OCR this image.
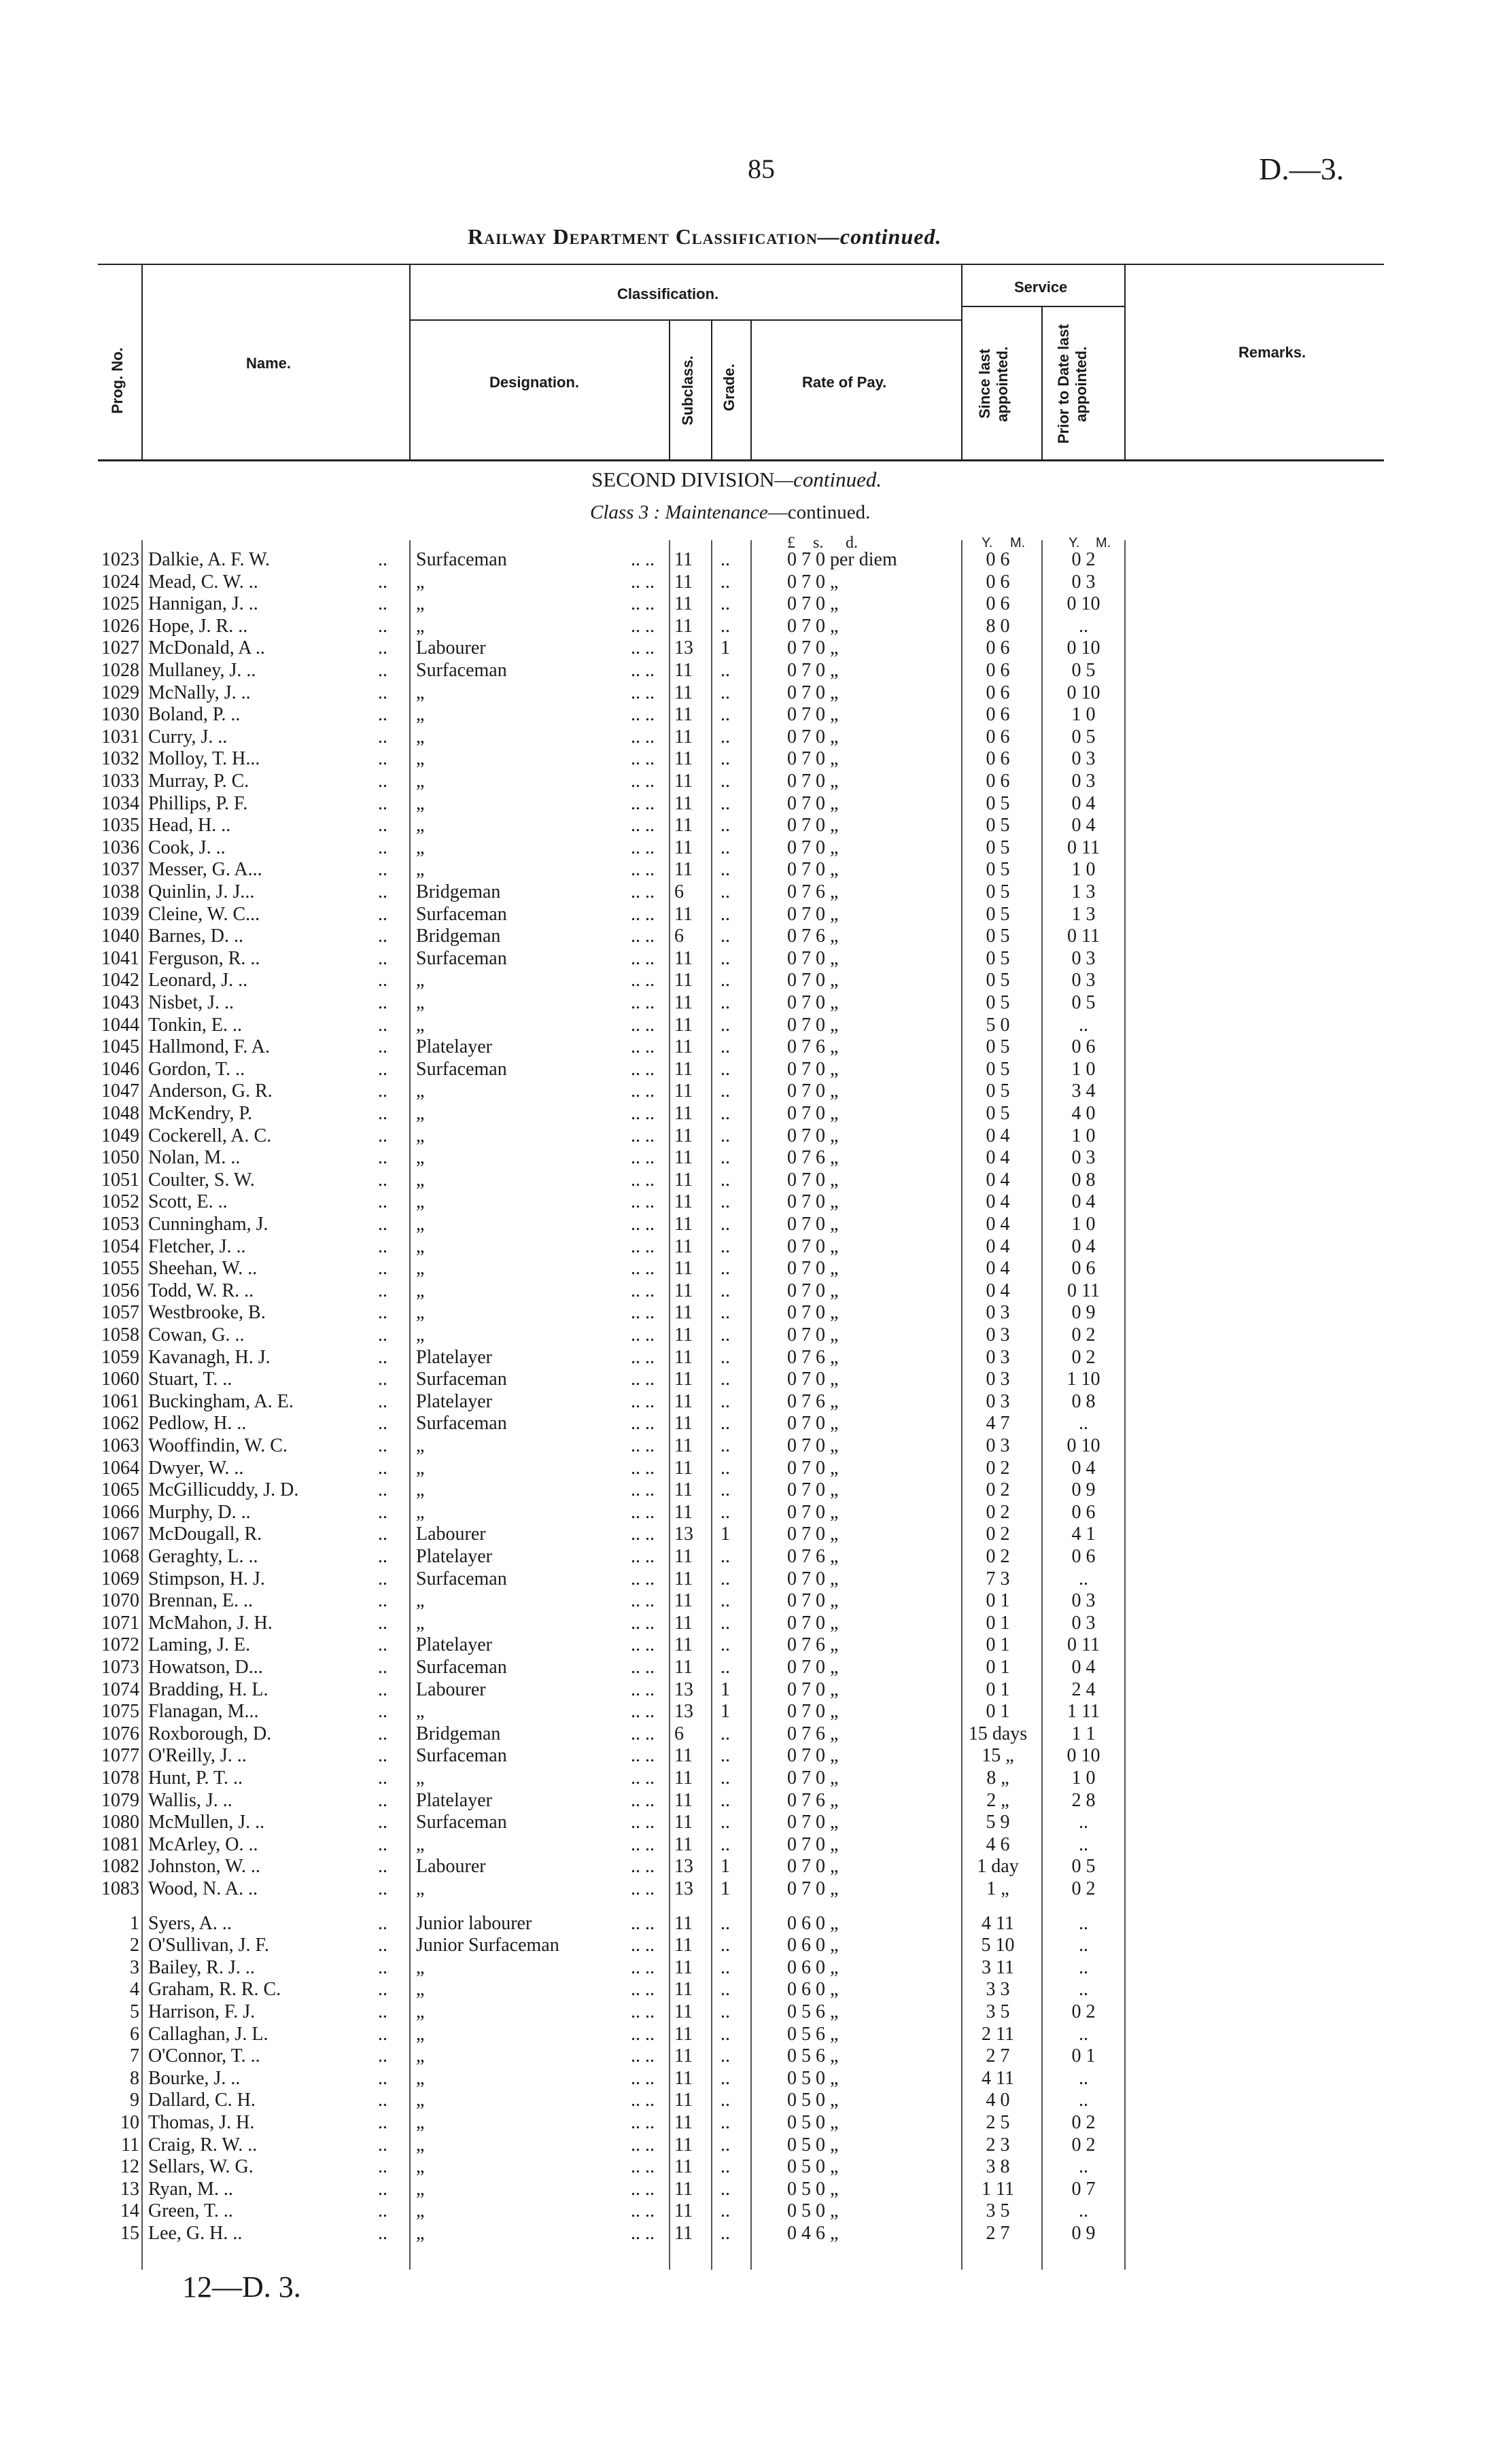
85	D.—3.
Railway Department Classification—continued.
Prog. No.	Name.
Classification.
Designation.	Subclass. Grade.	Rate of Pay.
Service
Since last appointed.	Prior to Date last appointed.	Remarks.
SECOND DIVISION—continued.
Class 3 : Maintenance—continued.
£ s. d.	Y. M.	Y. M.
1023 Dalkie, A. F. W.	.. Surfaceman	.. .. 11 ..	0 7 0 per diem	0 6	0 2
1024 Mead, C. W. ..	.. „	.. .. 11 ..	0 7 0 „	0 6	0 3
1025 Hannigan, J. ..	.. „	.. .. 11 ..	0 7 0 „	0 6	0 10
1026 Hope, J. R. ..	.. „	.. .. 11 ..	0 7 0 „	8 0	..
1027 McDonald, A ..	.. Labourer	.. .. 13 1	0 7 0 „	0 6	0 10
1028 Mullaney, J. ..	.. Surfaceman	.. .. 11 ..	0 7 0 „	0 6	0 5
1029 McNally, J. ..	.. „	.. .. 11 ..	0 7 0 „	0 6	0 10
1030 Boland, P. ..	.. „	.. .. 11 ..	0 7 0 „	0 6	1 0
1031 Curry, J. ..	.. „	.. .. 11 ..	0 7 0 „	0 6	0 5
1032 Molloy, T. H...	.. „	.. .. 11 ..	0 7 0 „	0 6	0 3
1033 Murray, P. C.	.. „	.. .. 11 ..	0 7 0 „	0 6	0 3
1034 Phillips, P. F.	.. „	.. .. 11 ..	0 7 0 „	0 5	0 4
1035 Head, H. ..	.. „	.. .. 11 ..	0 7 0 „	0 5	0 4
1036 Cook, J. ..	.. „	.. .. 11 ..	0 7 0 „	0 5	0 11
1037 Messer, G. A...	.. „	.. .. 11 ..	0 7 0 „	0 5	1 0
1038 Quinlin, J. J...	.. Bridgeman	.. .. 6 ..	0 7 6 „	0 5	1 3
1039 Cleine, W. C...	.. Surfaceman	.. .. 11 ..	0 7 0 „	0 5	1 3
1040 Barnes, D. ..	.. Bridgeman	.. .. 6 ..	0 7 6 „	0 5	0 11
1041 Ferguson, R. ..	.. Surfaceman	.. .. 11 ..	0 7 0 „	0 5	0 3
1042 Leonard, J. ..	.. „	.. .. 11 ..	0 7 0 „	0 5	0 3
1043 Nisbet, J. ..	.. „	.. .. 11 ..	0 7 0 „	0 5	0 5
1044 Tonkin, E. ..	.. „	.. .. 11 ..	0 7 0 „	5 0	..
1045 Hallmond, F. A.	.. Platelayer	.. .. 11 ..	0 7 6 „	0 5	0 6
1046 Gordon, T. ..	.. Surfaceman	.. .. 11 ..	0 7 0 „	0 5	1 0
1047 Anderson, G. R.	.. „	.. .. 11 ..	0 7 0 „	0 5	3 4
1048 McKendry, P.	.. „	.. .. 11 ..	0 7 0 „	0 5	4 0
1049 Cockerell, A. C.	.. „	.. .. 11 ..	0 7 0 „	0 4	1 0
1050 Nolan, M. ..	.. „	.. .. 11 ..	0 7 6 „	0 4	0 3
1051 Coulter, S. W.	.. „	.. .. 11 ..	0 7 0 „	0 4	0 8
1052 Scott, E. ..	.. „	.. .. 11 ..	0 7 0 „	0 4	0 4
1053 Cunningham, J.	.. „	.. .. 11 ..	0 7 0 „	0 4	1 0
1054 Fletcher, J. ..	.. „	.. .. 11 ..	0 7 0 „	0 4	0 4
1055 Sheehan, W. ..	.. „	.. .. 11 ..	0 7 0 „	0 4	0 6
1056 Todd, W. R. ..	.. „	.. .. 11 ..	0 7 0 „	0 4	0 11
1057 Westbrooke, B.	.. „	.. .. 11 ..	0 7 0 „	0 3	0 9
1058 Cowan, G. ..	.. „	.. .. 11 ..	0 7 0 „	0 3	0 2
1059 Kavanagh, H. J.	.. Platelayer	.. .. 11 ..	0 7 6 „	0 3	0 2
1060 Stuart, T. ..	.. Surfaceman	.. .. 11 ..	0 7 0 „	0 3	1 10
1061 Buckingham, A. E.	.. Platelayer	.. .. 11 ..	0 7 6 „	0 3	0 8
1062 Pedlow, H. ..	.. Surfaceman	.. .. 11 ..	0 7 0 „	4 7	..
1063 Wooffindin, W. C.	.. „	.. .. 11 ..	0 7 0 „	0 3	0 10
1064 Dwyer, W. ..	.. „	.. .. 11 ..	0 7 0 „	0 2	0 4
1065 McGillicuddy, J. D.	.. „	.. .. 11 ..	0 7 0 „	0 2	0 9
1066 Murphy, D. ..	.. „	.. .. 11 ..	0 7 0 „	0 2	0 6
1067 McDougall, R.	.. Labourer	.. .. 13 1	0 7 0 „	0 2	4 1
1068 Geraghty, L. ..	.. Platelayer	.. .. 11 ..	0 7 6 „	0 2	0 6
1069 Stimpson, H. J.	.. Surfaceman	.. .. 11 ..	0 7 0 „	7 3	..
1070 Brennan, E. ..	.. „	.. .. 11 ..	0 7 0 „	0 1	0 3
1071 McMahon, J. H.	.. „	.. .. 11 ..	0 7 0 „	0 1	0 3
1072 Laming, J. E.	.. Platelayer	.. .. 11 ..	0 7 6 „	0 1	0 11
1073 Howatson, D...	.. Surfaceman	.. .. 11 ..	0 7 0 „	0 1	0 4
1074 Bradding, H. L.	.. Labourer	.. .. 13 1	0 7 0 „	0 1	2 4
1075 Flanagan, M...	.. „	.. .. 13 1	0 7 0 „	0 1	1 11
1076 Roxborough, D.	.. Bridgeman	.. .. 6 ..	0 7 6 „	15 days	1 1
1077 O'Reilly, J. ..	.. Surfaceman	.. .. 11 ..	0 7 0 „	15 „	0 10
1078 Hunt, P. T. ..	.. „	.. .. 11 ..	0 7 0 „	8 „	1 0
1079 Wallis, J. ..	.. Platelayer	.. .. 11 ..	0 7 6 „	2 „	2 8
1080 McMullen, J. ..	.. Surfaceman	.. .. 11 ..	0 7 0 „	5 9	..
1081 McArley, O. ..	.. „	.. .. 11 ..	0 7 0 „	4 6	..
1082 Johnston, W. ..	.. Labourer	.. .. 13 1	0 7 0 „	1 day	0 5
1083 Wood, N. A. ..	.. „	.. .. 13 1	0 7 0 „	1 „	0 2
1 Syers, A. ..	.. Junior labourer	.. .. 11 ..	0 6 0 „	4 11	..
2 O'Sullivan, J. F.	.. Junior Surfaceman	.. .. 11 ..	0 6 0 „	5 10	..
3 Bailey, R. J. ..	.. „	.. .. 11 ..	0 6 0 „	3 11	..
4 Graham, R. R. C.	.. „	.. .. 11 ..	0 6 0 „	3 3	..
5 Harrison, F. J.	.. „	.. .. 11 ..	0 5 6 „	3 5	0 2
6 Callaghan, J. L.	.. „	.. .. 11 ..	0 5 6 „	2 11	..
7 O'Connor, T. ..	.. „	.. .. 11 ..	0 5 6 „	2 7	0 1
8 Bourke, J. ..	.. „	.. .. 11 ..	0 5 0 „	4 11	..
9 Dallard, C. H.	.. „	.. .. 11 ..	0 5 0 „	4 0	..
10 Thomas, J. H.	.. „	.. .. 11 ..	0 5 0 „	2 5	0 2
11 Craig, R. W. ..	.. „	.. .. 11 ..	0 5 0 „	2 3	0 2
12 Sellars, W. G.	.. „	.. .. 11 ..	0 5 0 „	3 8	..
13 Ryan, M. ..	.. „	.. .. 11 ..	0 5 0 „	1 11	0 7
14 Green, T. ..	.. „	.. .. 11 ..	0 5 0 „	3 5	..
15 Lee, G. H. ..	.. „	.. .. 11 ..	0 4 6 „	2 7	0 9
12—D. 3.
